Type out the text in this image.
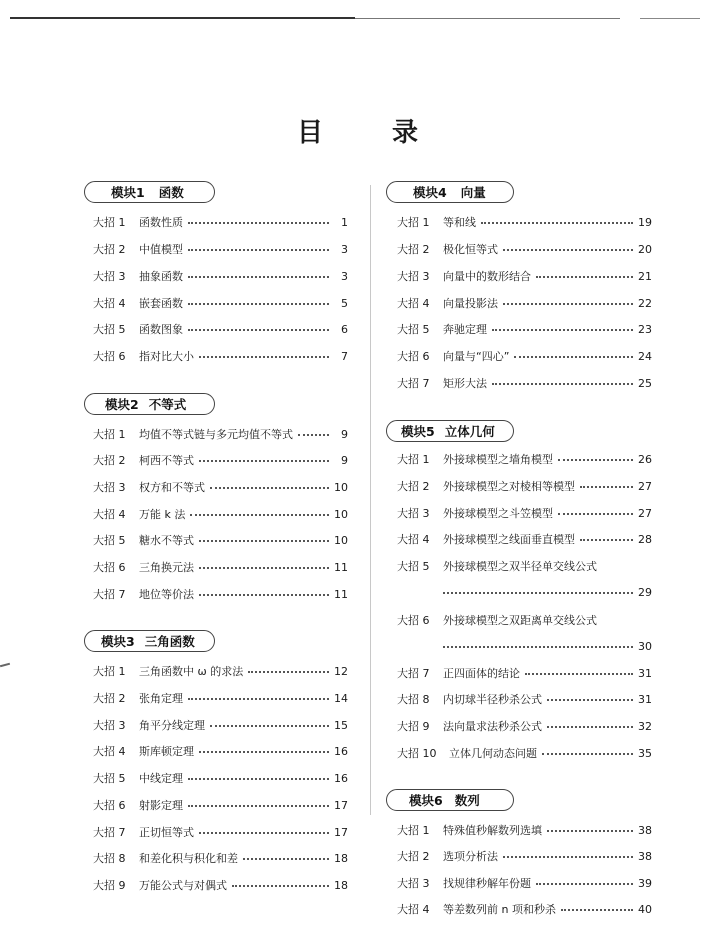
目 录
模块1 函数
大招 1	函数性质	1
大招 2	中值模型	3
大招 3	抽象函数	3
大招 4	嵌套函数	5
大招 5	函数图象	6
大招 6	指对比大小	7
模块2 不等式
大招 1	均值不等式链与多元均值不等式	9
大招 2	柯西不等式	9
大招 3	权方和不等式	10
大招 4	万能 k 法	10
大招 5	糖水不等式	10
大招 6	三角换元法	11
大招 7	地位等价法	11
模块3 三角函数
大招 1	三角函数中 ω 的求法	12
大招 2	张角定理	14
大招 3	角平分线定理	15
大招 4	斯库顿定理	16
大招 5	中线定理	16
大招 6	射影定理	17
大招 7	正切恒等式	17
大招 8	和差化积与积化和差	18
大招 9	万能公式与对偶式	18
模块4 向量
大招 1	等和线	19
大招 2	极化恒等式	20
大招 3	向量中的数形结合	21
大招 4	向量投影法	22
大招 5	奔驰定理	23
大招 6	向量与“四心”	24
大招 7	矩形大法	25
模块5 立体几何
大招 1	外接球模型之墙角模型	26
大招 2	外接球模型之对棱相等模型	27
大招 3	外接球模型之斗笠模型	27
大招 4	外接球模型之线面垂直模型	28
大招 5	外接球模型之双半径单交线公式
29
大招 6	外接球模型之双距离单交线公式
30
大招 7	正四面体的结论	31
大招 8	内切球半径秒杀公式	31
大招 9	法向量求法秒杀公式	32
大招 10	立体几何动态问题	35
模块6 数列
大招 1	特殊值秒解数列选填	38
大招 2	选项分析法	38
大招 3	找规律秒解年份题	39
大招 4	等差数列前 n 项和秒杀	40
